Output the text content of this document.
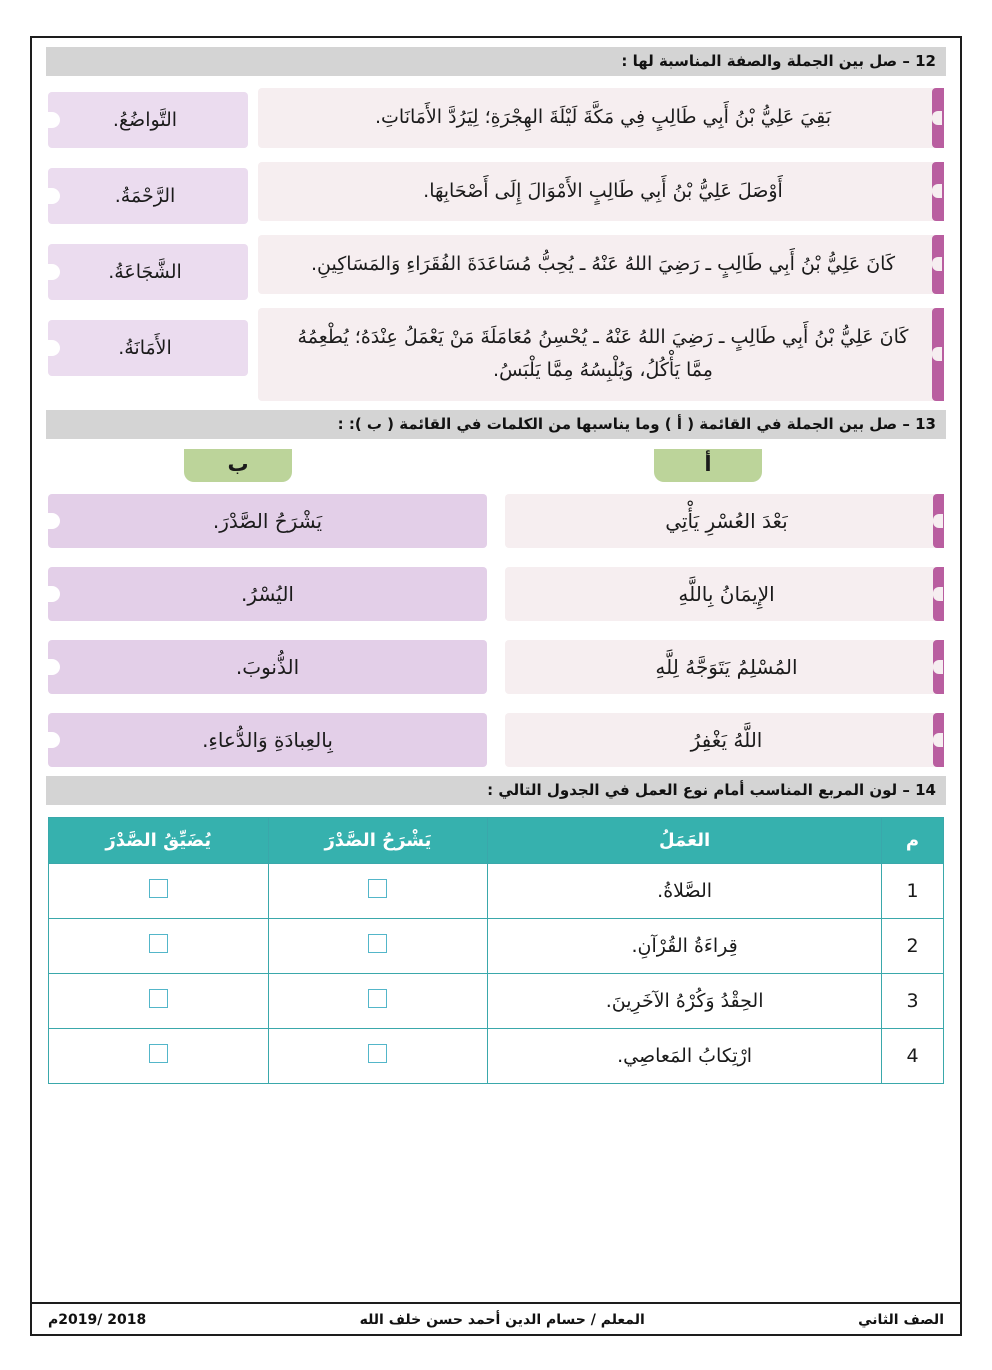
12 – صل بين الجملة والصفة المناسبة لها :
بَقِيَ عَلِيُّ بْنُ أَبِي طَالِبٍ فِي مَكَّةَ لَيْلَةَ الهِجْرَةِ؛ لِيَرُدَّ الأَمَانَاتِ.
أَوْصَلَ عَلِيُّ بْنُ أَبِي طَالِبٍ الأَمْوَالَ إِلَى أَصْحَابِهَا.
كَانَ عَلِيُّ بْنُ أَبِي طَالِبٍ ـ رَضِيَ اللهُ عَنْهُ ـ يُحِبُّ مُسَاعَدَةَ الفُقَرَاءِ وَالمَسَاكِينِ.
كَانَ عَلِيُّ بْنُ أَبِي طَالِبٍ ـ رَضِيَ اللهُ عَنْهُ ـ يُحْسِنُ مُعَامَلَةَ مَنْ يَعْمَلُ عِنْدَهُ؛ يُطْعِمُهُ مِمَّا يَأْكُلُ، وَيُلْبِسُهُ مِمَّا يَلْبَسُ.
التَّواضُعُ.
الرَّحْمَةُ.
الشَّجَاعَةُ.
الأَمَانَةُ.
13 – صل بين الجملة في القائمة ( أ ) وما يناسبها من الكلمات في القائمة ( ب ): :
أ
ب
بَعْدَ العُسْرِ يَأْتِي
الإِيمَانُ بِاللَّهِ
المُسْلِمُ يَتَوَجَّهُ لِلَّهِ
اللَّهُ يَغْفِرُ
يَشْرَحُ الصَّدْرَ.
اليُسْرُ.
الذُّنوبَ.
بِالعِبادَةِ وَالدُّعاءِ.
14 – لون المربع المناسب أمام نوع العمل في الجدول التالي :
م	العَمَلُ	يَشْرَحُ الصَّدْرَ	يُضَيِّقُ الصَّدْرَ
1	الصَّلاةُ.		
2	قِراءَةُ القُرْآنِ.		
3	الحِقْدُ وَكُرْهُ الآخَرِينَ.		
4	ارْتِكابُ المَعاصِي.		
الصف الثاني
المعلم / حسام الدين أحمد حسن خلف الله
2018 /2019م
